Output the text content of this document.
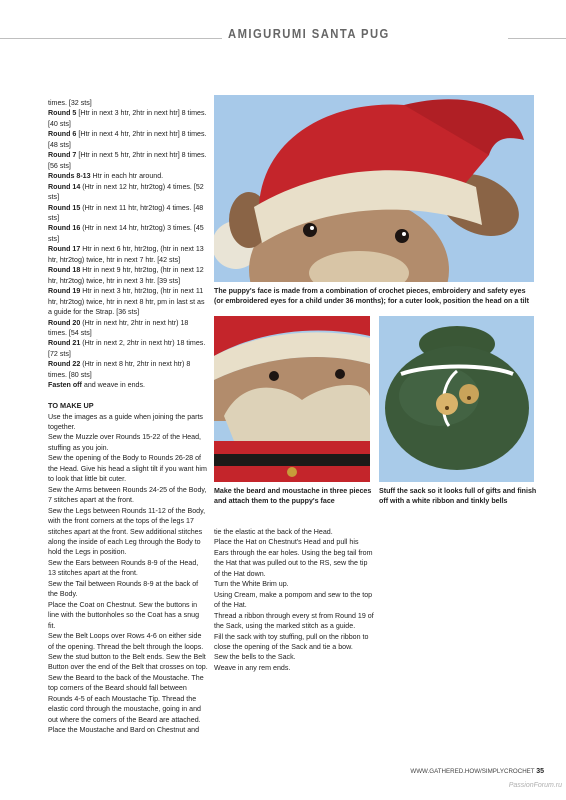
AMIGURUMI SANTA PUG

times. [32 sts]

Round 5 [Htr in next 3 htr, 2htr in next htr] 8 times. [40 sts]

Round 6 [Htr in next 4 htr, 2htr in next htr] 8 times. [48 sts]

Round 7 [Htr in next 5 htr, 2htr in next htr] 8 times. [56 sts]

Rounds 8-13 Htr in each htr around.

Round 14 (Htr in next 12 htr, htr2tog) 4 times. [52 sts]

Round 15 (Htr in next 11 htr, htr2tog) 4 times. [48 sts]

Round 16 (Htr in next 14 htr, htr2tog) 3 times. [45 sts]

Round 17 Htr in next 6 htr, htr2tog, (htr in next 13 htr, htr2tog) twice, htr in next 7 htr. [42 sts]

Round 18 Htr in next 9 htr, htr2tog, (htr in next 12 htr, htr2tog) twice, htr in next 3 htr. [39 sts]

Round 19 Htr in next 3 htr, htr2tog, (htr in next 11 htr, htr2tog) twice, htr in next 8 htr, pm in last st as a guide for the Strap. [36 sts]

Round 20 (Htr in next htr, 2htr in next htr) 18 times. [54 sts]

Round 21 (Htr in next 2, 2htr in next htr) 18 times. [72 sts]

Round 22 (Htr in next 8 htr, 2htr in next htr) 8 times. [80 sts]

Fasten off and weave in ends.

TO MAKE UP

Use the images as a guide when joining the parts together.

Sew the Muzzle over Rounds 15-22 of the Head, stuffing as you join.

Sew the opening of the Body to Rounds 26-28 of the Head. Give his head a slight tilt if you want him to look that little bit cuter.

Sew the Arms between Rounds 24-25 of the Body, 7 stitches apart at the front.

Sew the Legs between Rounds 11-12 of the Body, with the front corners at the tops of the legs 17 stitches apart at the front. Sew additional stitches along the inside of each Leg through the Body to hold the Legs in position.

Sew the Ears between Rounds 8-9 of the Head, 13 stitches apart at the front.

Sew the Tail between Rounds 8-9 at the back of the Body.

Place the Coat on Chestnut. Sew the buttons in line with the buttonholes so the Coat has a snug fit.

Sew the Belt Loops over Rows 4-6 on either side of the opening. Thread the belt through the loops. Sew the stud button to the Belt ends. Sew the Belt Button over the end of the Belt that crosses on top.

Sew the Beard to the back of the Moustache. The top corners of the Beard should fall between Rounds 4-5 of each Moustache Tip. Thread the elastic cord through the moustache, going in and out where the corners of the Beard are attached.

Place the Moustache and Bard on Chestnut and

tie the elastic at the back of the Head.

Place the Hat on Chestnut's Head and pull his Ears through the ear holes. Using the beg tail from the Hat that was pulled out to the RS, sew the tip of the Hat down.

Turn the White Brim up.

Using Cream, make a pompom and sew to the top of the Hat.

Thread a ribbon through every st from Round 19 of the Sack, using the marked stitch as a guide.

Fill the sack with toy stuffing, pull on the ribbon to close the opening of the Sack and tie a bow.

Sew the bells to the Sack.

Weave in any rem ends.

The puppy's face is made from a combination of crochet pieces, embroidery and safety eyes (or embroidered eyes for a child under 36 months); for a cuter look, position the head on a tilt
Make the beard and moustache in three pieces and attach them to the puppy's face
Stuff the sack so it looks full of gifts and finish off with a white ribbon and tinkly bells
WWW.GATHERED.HOW/SIMPLYCROCHET 35
PassionForum.ru
